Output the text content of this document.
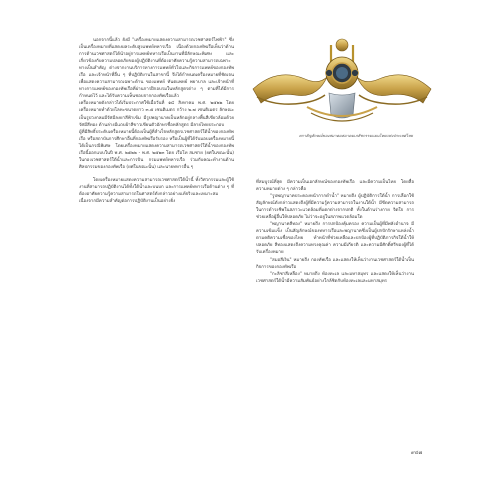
นอกจากนี้แล้ว ยังมี "เครื่องหมายแสดงความสามารถเวชศาสตร์ไฟฟ้า" ซึ่งเป็นเครื่องหมายที่แสดงผลระดับสูงแพทย์ทหารเรือ เนื่องด้วยกองทัพเรือเห็นว่าด้านการด้านเวชศาสตร์ได้นำอยู่การแพทย์ทหารเรือเป็นงานที่มีลักษณะพิเศษ และเกี่ยวข้องกับความปลอดภัยของผู้ปฏิบัติงานที่ต้องอาศัยความรู้ความสามารถเฉพาะทางเป็นสำคัญ ต่างจากงานบริการทางการแพทย์ทั่วไปและกิจการแพทย์ของกองทัพเรือ และเจ้าหน้าที่อื่น ๆ ที่ปฏิบัติงานในสาขานี้ จึงได้กำหนดเครื่องหมายที่ชัดเจนเพื่อแสดงความสามารถเฉพาะด้าน ของแพทย์ ทันตแพทย์ พยาบาล และเจ้าหน้าที่ทางการแพทย์ของกองทัพเรือที่ผ่านการฝึกอบรมในหลักสูตรต่าง ๆ ตามที่ได้มีการกำหนดไว้ และได้รับความเห็นชอบจากกองทัพเรือแล้ว

เครื่องหมายดังกล่าวได้เริ่มประกาศใช้เมื่อวันที่ ๑๔ สิงหาคม พ.ศ. ๒๕๒๒ โดยเครื่องหมายทำด้วยโลหะขนาดยาว ๓.๕ เซนติเมตร กว้าง ๒.๗ เซนติเมตร ลักษณะเป็นรูปวงกลมมีรัศมีลงยาสีฟ้าเข้ม มีรูปพญานาคเป็นหลักอยู่กลางพื้นสีเขียวล้อมด้วยรัศมีสีทอง ด้านล่างมีแถบผ้าสีขาวเขียนตัวอักษรชื่อหลักสูตร มีลายไทยประกอบ

ผู้ที่มีสิทธิ์ประดับเครื่องหมายนี้ต้องเป็นผู้ที่สำเร็จหลักสูตรเวชศาสตร์ใต้น้ำของกองทัพเรือ หรือสถาบันการศึกษาอื่นที่กองทัพเรือรับรอง หรือเป็นผู้ที่ได้รับมอบเครื่องหมายนี้ได้เป็นกรณีพิเศษ โดยเครื่องหมายแสดงความสามารถเวชศาสตร์ใต้น้ำของกองทัพเรือนี้ออกแบบในปี พ.ศ. ๒๕๒๒ - พ.ศ. ๒๕๒๓ โดย เรือโท สมชาย (ยศในขณะนั้น) ในกองเวชศาสตร์ใต้น้ำและการบิน กรมแพทย์ทหารเรือ ร่วมกับคณะทำงานด้านศิลปกรรมของกองทัพเรือ (ยศในขณะนั้น) และนายทหารอื่น ๆ

โดยเครื่องหมายแสดงความสามารถเวชศาสตร์ใต้น้ำนี้ ทั้งวิศวกรรมและผู้ใช้งานที่สามารถปฏิบัติงานได้ทั้งใต้น้ำและบนบก และการแพทย์ทหารเรือด้านต่าง ๆ ที่ต้องอาศัยความรู้ความสามารถในศาสตร์ดังกล่าวอย่างแท้จริงและเหมาะสม เนื่องจากมีความสำคัญต่อการปฏิบัติงานเป็นอย่างยิ่ง

ตราสัญลักษณ์ของสมาคมสมาคมเภสัชกรรมแผนไทยแห่งประเทศไทย

ที่สมบูรณ์ที่สุด มีความเป็นเอกลักษณ์ของกองทัพเรือ และมีความเป็นไทย โดยสื่อความหมายต่าง ๆ กล่าวคือ

"รูปพญานาคประคองหน้ากากดำน้ำ" หมายถึง ผู้ปฏิบัติการใต้น้ำ การเลือกใช้สัญลักษณ์ดังกล่าวแสดงถึงผู้ที่มีความรู้ความสามารถในงานใต้น้ำ มีขีดความสามารถในการดำรงชีพในสภาวะแวดล้อมที่แตกต่างจากปกติ ทั้งในด้านร่างกาย จิตใจ การช่วยเหลือผู้อื่นให้ปลอดภัย ไม่ว่าจะอยู่ในสภาพแวดล้อมใด

"พญานาคสีทอง" หมายถึง การปกป้องคุ้มครอง ความเป็นผู้ที่มีพลังอำนาจ มีความเข้มแข็ง เป็นสัญลักษณ์ของทหารเรือและพญานาคซึ่งเป็นผู้ปกปักรักษาแหล่งน้ำ ตามคติความเชื่อของไทย ทำหน้าที่ช่วยเหลือและปกป้องผู้ที่ปฏิบัติภารกิจใต้น้ำให้ปลอดภัย สีทองแสดงถึงความทรงคุณค่า ความมีเกียรติ และความมีศักดิ์ศรีของผู้ที่ได้รับเครื่องหมาย

"สมอสีเงิน" หมายถึง กองทัพเรือ และแสดงให้เห็นว่างานเวชศาสตร์ใต้น้ำเป็นกิจการของกองทัพเรือ

"กะลิชาสีเหลือง" หมายถึง ท้องทะเล และมหาสมุทร และแสดงให้เห็นว่างานเวชศาสตร์ใต้น้ำมีความสัมพันธ์อย่างใกล้ชิดกับท้องทะเลและมหาสมุทร

๙๔๗
